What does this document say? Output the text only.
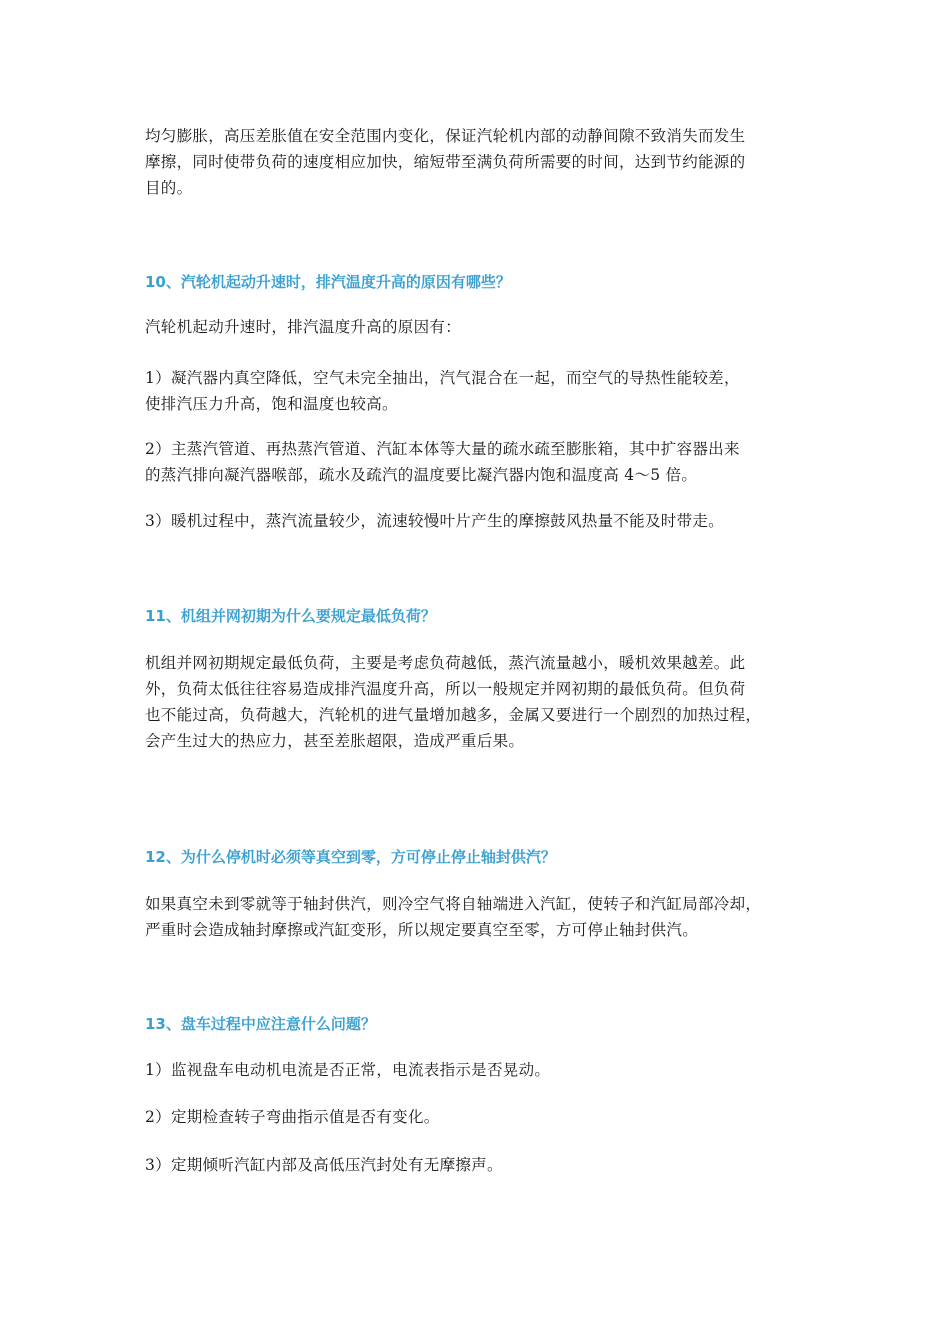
均匀膨胀，高压差胀值在安全范围内变化，保证汽轮机内部的动静间隙不致消失而发生
摩擦，同时使带负荷的速度相应加快，缩短带至满负荷所需要的时间，达到节约能源的
目的。
10、汽轮机起动升速时，排汽温度升高的原因有哪些？
汽轮机起动升速时，排汽温度升高的原因有：
1）凝汽器内真空降低，空气未完全抽出，汽气混合在一起，而空气的导热性能较差，
使排汽压力升高，饱和温度也较高。
2）主蒸汽管道、再热蒸汽管道、汽缸本体等大量的疏水疏至膨胀箱，其中扩容器出来
的蒸汽排向凝汽器喉部，疏水及疏汽的温度要比凝汽器内饱和温度高 4～5 倍。
3）暖机过程中，蒸汽流量较少，流速较慢叶片产生的摩擦鼓风热量不能及时带走。
11、机组并网初期为什么要规定最低负荷？
机组并网初期规定最低负荷，主要是考虑负荷越低，蒸汽流量越小，暖机效果越差。此
外，负荷太低往往容易造成排汽温度升高，所以一般规定并网初期的最低负荷。但负荷
也不能过高，负荷越大，汽轮机的进气量增加越多，金属又要进行一个剧烈的加热过程，
会产生过大的热应力，甚至差胀超限，造成严重后果。
12、为什么停机时必须等真空到零，方可停止停止轴封供汽？
如果真空未到零就等于轴封供汽，则冷空气将自轴端进入汽缸，使转子和汽缸局部冷却，
严重时会造成轴封摩擦或汽缸变形，所以规定要真空至零，方可停止轴封供汽。
13、盘车过程中应注意什么问题？
1）监视盘车电动机电流是否正常，电流表指示是否晃动。
2）定期检查转子弯曲指示值是否有变化。
3）定期倾听汽缸内部及高低压汽封处有无摩擦声。
